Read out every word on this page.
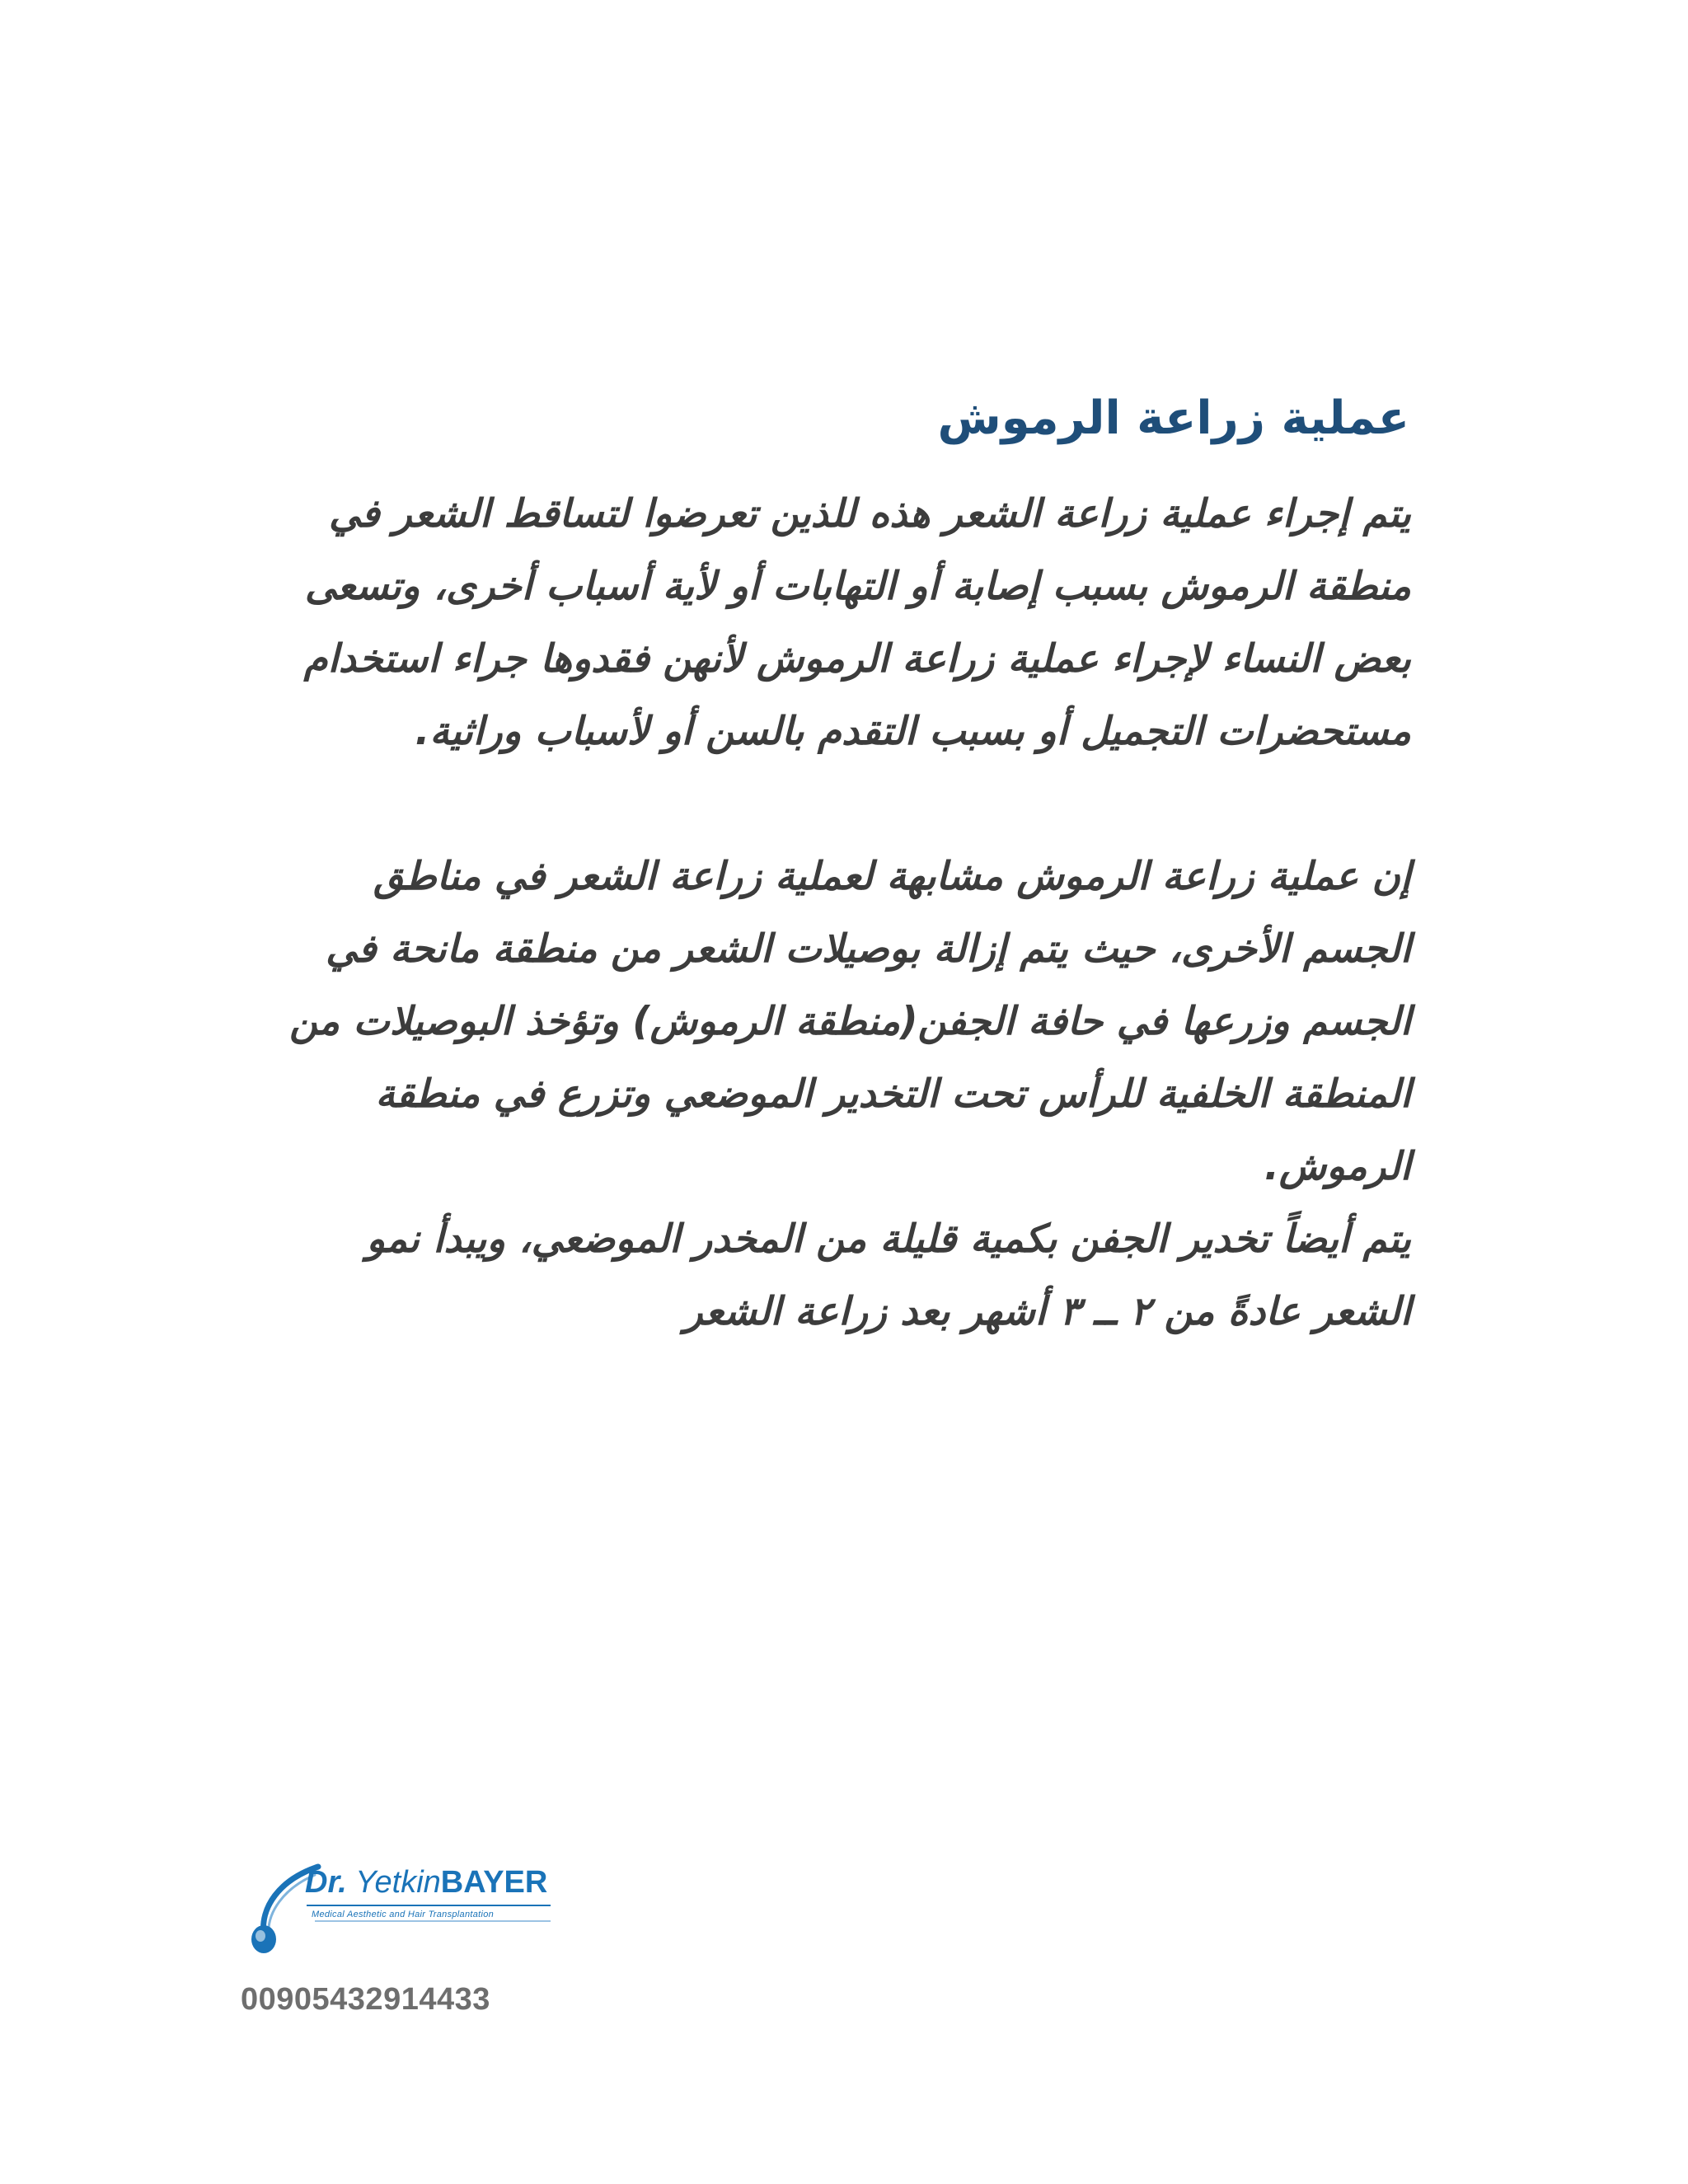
عملية زراعة الرموش

يتم إجراء عملية زراعة الشعر هذه للذين تعرضوا لتساقط الشعر في منطقة الرموش بسبب إصابة أو التهابات أو لأية أسباب أخرى، وتسعى بعض النساء لإجراء عملية زراعة الرموش لأنهن فقدوها جراء استخدام مستحضرات التجميل أو بسبب التقدم بالسن أو لأسباب وراثية.

إن عملية زراعة الرموش مشابهة لعملية زراعة الشعر في مناطق الجسم الأخرى، حيث يتم إزالة بوصيلات الشعر من منطقة مانحة في الجسم وزرعها في حافة الجفن(منطقة الرموش) وتؤخذ البوصيلات من المنطقة الخلفية للرأس تحت التخدير الموضعي وتزرع في منطقة الرموش.

يتم أيضاً تخدير الجفن بكمية قليلة من المخدر الموضعي، ويبدأ نمو الشعر عادةً من ٢ ــ ٣ أشهر بعد زراعة الشعر

Dr. YetkinBAYER
Medical Aesthetic and Hair Transplantation
00905432914433
